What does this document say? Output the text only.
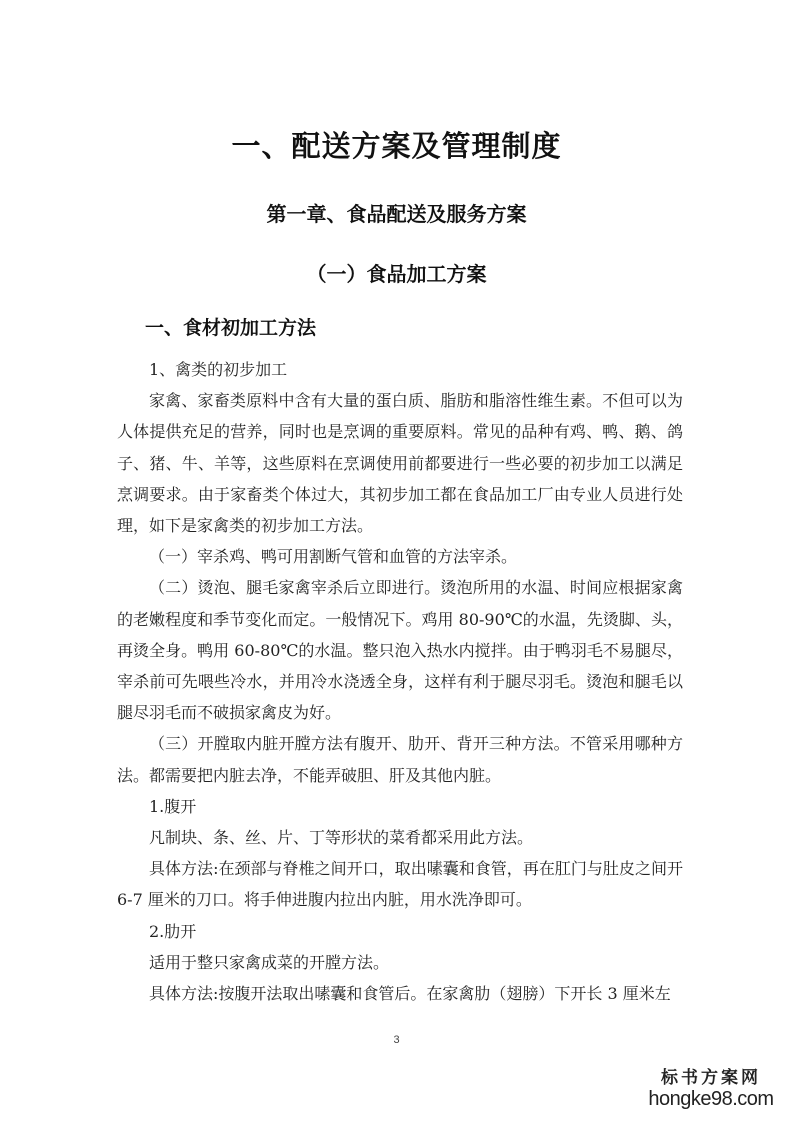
一、配送方案及管理制度
第一章、食品配送及服务方案
（一）食品加工方案
一、食材初加工方法

1、禽类的初步加工

家禽、家畜类原料中含有大量的蛋白质、脂肪和脂溶性维生素。不但可以为人体提供充足的营养，同时也是烹调的重要原料。常见的品种有鸡、鸭、鹅、鸽子、猪、牛、羊等，这些原料在烹调使用前都要进行一些必要的初步加工以满足烹调要求。由于家畜类个体过大，其初步加工都在食品加工厂由专业人员进行处理，如下是家禽类的初步加工方法。

（一）宰杀鸡、鸭可用割断气管和血管的方法宰杀。

（二）烫泡、腿毛家禽宰杀后立即进行。烫泡所用的水温、时间应根据家禽的老嫩程度和季节变化而定。一般情况下。鸡用 80-90℃的水温，先烫脚、头，再烫全身。鸭用 60-80℃的水温。整只泡入热水内搅拌。由于鸭羽毛不易腿尽，宰杀前可先喂些冷水，并用冷水浇透全身，这样有利于腿尽羽毛。烫泡和腿毛以腿尽羽毛而不破损家禽皮为好。

（三）开膛取内脏开膛方法有腹开、肋开、背开三种方法。不管采用哪种方法。都需要把内脏去净，不能弄破胆、肝及其他内脏。

1.腹开

凡制块、条、丝、片、丁等形状的菜肴都采用此方法。

具体方法:在颈部与脊椎之间开口，取出嗉囊和食管，再在肛门与肚皮之间开 6-7 厘米的刀口。将手伸进腹内拉出内脏，用水洗净即可。

2.肋开

适用于整只家禽成菜的开膛方法。

具体方法:按腹开法取出嗉囊和食管后。在家禽肋（翅膀）下开长 3 厘米左

3
标书方案网
hongke98.com
